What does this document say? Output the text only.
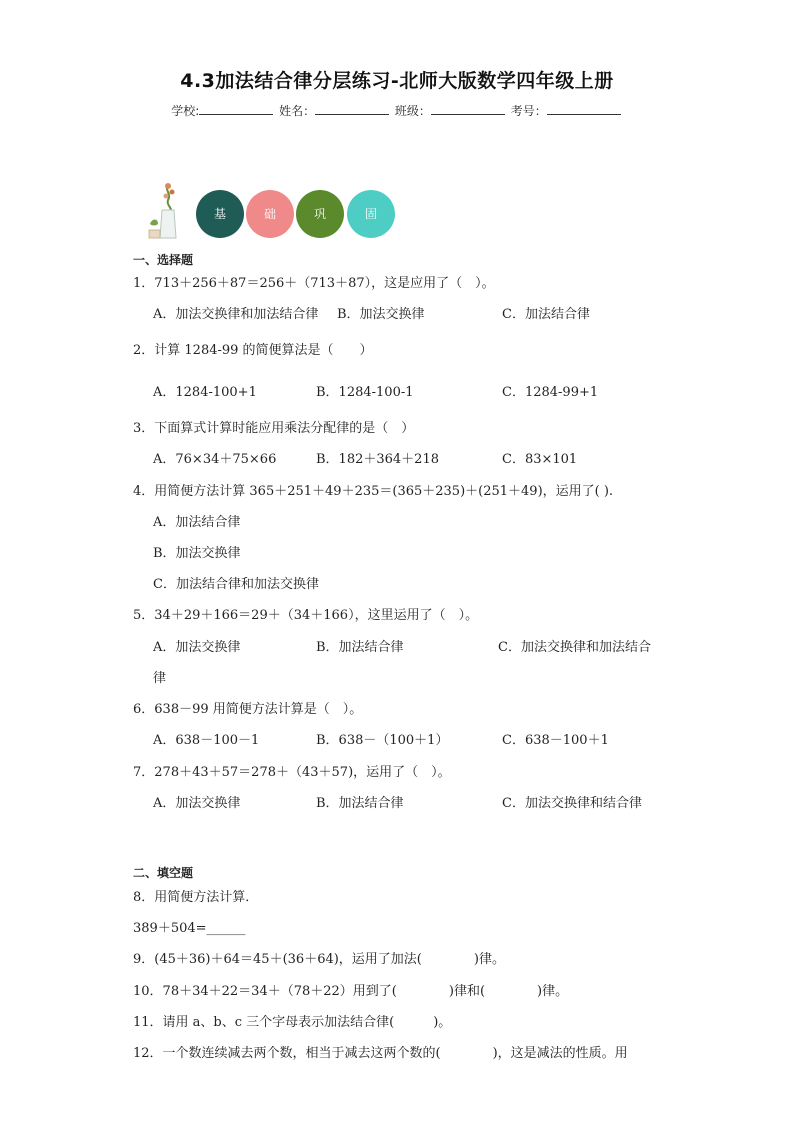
4.3加法结合律分层练习-北师大版数学四年级上册
学校:	姓名：	班级：	考号：
基	础	巩	固
一、选择题
1．713＋256＋87＝256＋（713＋87），这是应用了（　）。
A．加法交换律和加法结合律 B．加法交换律	C．加法结合律
2．计算 1284-99 的简便算法是（　　）
A．1284-100+1	B．1284-100-1	C．1284-99+1
3．下面算式计算时能应用乘法分配律的是（　）
A．76×34＋75×66	B．182＋364＋218	C．83×101
4．用简便方法计算 365＋251＋49＋235＝(365＋235)＋(251＋49)，运用了( ).
A．加法结合律
B．加法交换律
C．加法结合律和加法交换律
5．34＋29＋166＝29＋（34＋166），这里运用了（　）。
A．加法交换律	B．加法结合律	C．加法交换律和加法结合
律
6．638－99 用简便方法计算是（　）。
A．638－100－1	B．638－（100＋1）	C．638－100＋1
7．278＋43＋57＝278＋（43＋57)，运用了（　）。
A．加法交换律	B．加法结合律	C．加法交换律和结合律
二、填空题
8．用简便方法计算．
389＋504=______
9．(45＋36)＋64＝45＋(36＋64)，运用了加法(　　　　)律。
10．78＋34＋22＝34＋（78＋22）用到了(　　　　)律和(　　　　)律。
11．请用 a、b、c 三个字母表示加法结合律(　　　)。
12．一个数连续减去两个数，相当于减去这两个数的(　　　　)，这是减法的性质。用
